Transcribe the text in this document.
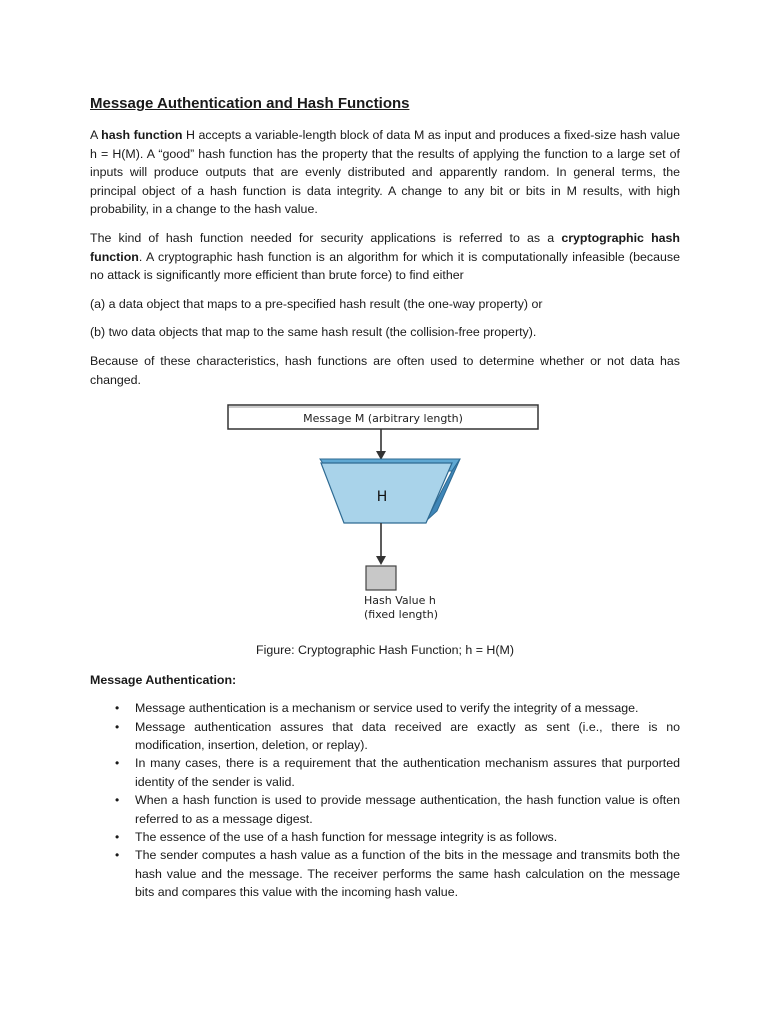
Message Authentication and Hash Functions

A hash function H accepts a variable-length block of data M as input and produces a fixed-size hash value h = H(M). A “good” hash function has the property that the results of applying the function to a large set of inputs will produce outputs that are evenly distributed and apparently random. In general terms, the principal object of a hash function is data integrity. A change to any bit or bits in M results, with high probability, in a change to the hash value.

The kind of hash function needed for security applications is referred to as a cryptographic hash function. A cryptographic hash function is an algorithm for which it is computationally infeasible (because no attack is significantly more efficient than brute force) to find either

(a) a data object that maps to a pre-specified hash result (the one-way property) or

(b) two data objects that map to the same hash result (the collision-free property).

Because of these characteristics, hash functions are often used to determine whether or not data has changed.

Message M (arbitrary length)
H
Hash Value h
(fixed length)
Figure: Cryptographic Hash Function; h = H(M)
Message Authentication:
• Message authentication is a mechanism or service used to verify the integrity of a message.
• Message authentication assures that data received are exactly as sent (i.e., there is no modification, insertion, deletion, or replay).
• In many cases, there is a requirement that the authentication mechanism assures that purported identity of the sender is valid.
• When a hash function is used to provide message authentication, the hash function value is often referred to as a message digest.
• The essence of the use of a hash function for message integrity is as follows.
• The sender computes a hash value as a function of the bits in the message and transmits both the hash value and the message. The receiver performs the same hash calculation on the message bits and compares this value with the incoming hash value.
